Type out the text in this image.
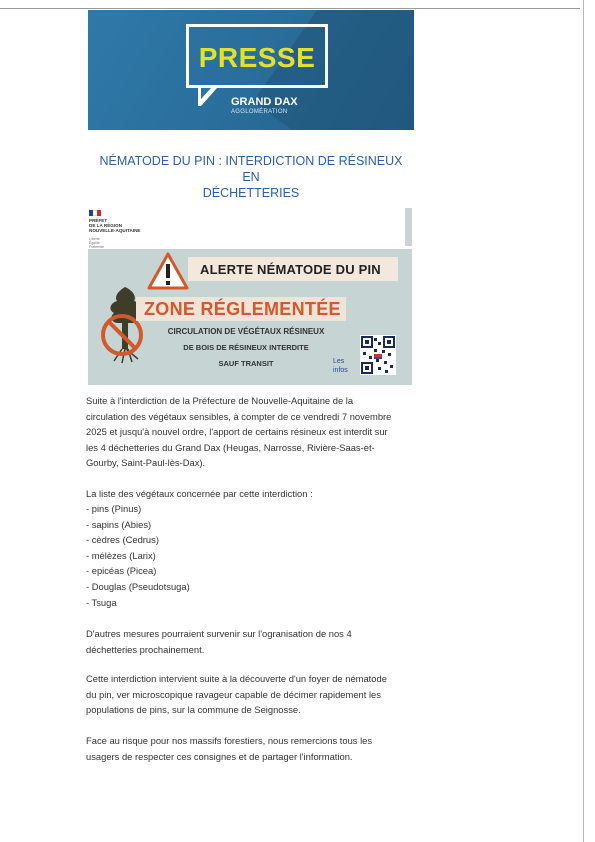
PRESSE
GRAND DAX
AGGLOMÉRATION
NÉMATODE DU PIN : INTERDICTION DE RÉSINEUX EN
DÉCHETTERIES
PRÉFET
DE LA RÉGION
NOUVELLE-AQUITAINE
Liberté
Égalité
Fraternité
ALERTE NÉMATODE DU PIN
ZONE RÉGLEMENTÉE
CIRCULATION DE VÉGÉTAUX RÉSINEUX
DE BOIS DE RÉSINEUX INTERDITE
SAUF TRANSIT	Les
infos
Suite à l'interdiction de la Préfecture de Nouvelle-Aquitaine de la
circulation des végétaux sensibles, à compter de ce vendredi 7 novembre
2025 et jusqu'à nouvel ordre, l'apport de certains résineux est interdit sur
les 4 déchetteries du Grand Dax (Heugas, Narrosse, Rivière-Saas-et-
Gourby, Saint-Paul-lès-Dax).
La liste des végétaux concernée par cette interdiction :
- pins (Pinus)
- sapins (Abies)
- cèdres (Cedrus)
- mélèzes (Larix)
- epicéas (Picea)
- Douglas (Pseudotsuga)
- Tsuga
D'autres mesures pourraient survenir sur l'ogranisation de nos 4
déchetteries prochainement.
Cette interdiction intervient suite à la découverte d'un foyer de nématode
du pin, ver microscopique ravageur capable de décimer rapidement les
populations de pins, sur la commune de Seignosse.
Face au risque pour nos massifs forestiers, nous remercions tous les
usagers de respecter ces consignes et de partager l'information.
